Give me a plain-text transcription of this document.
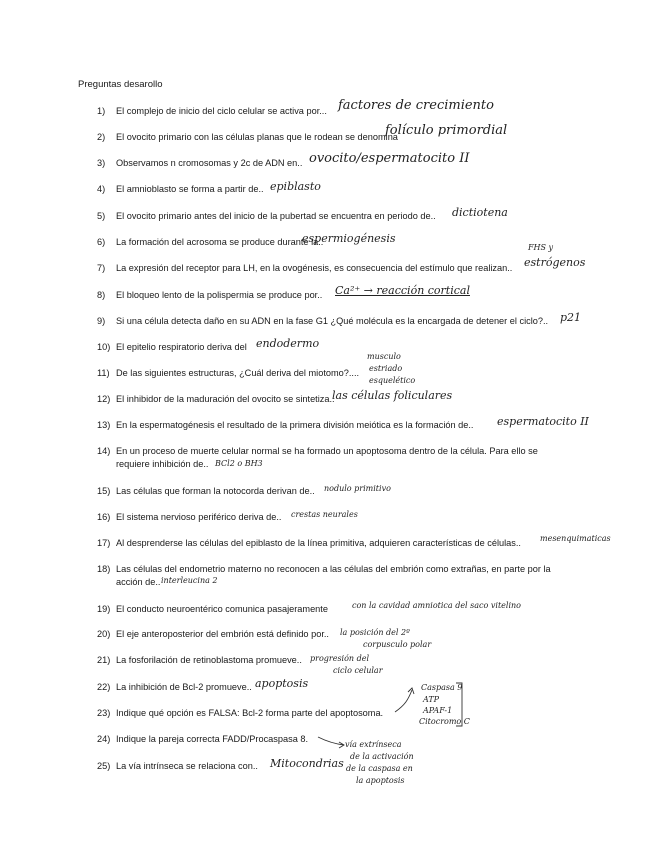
Preguntas desarollo
1) El complejo de inicio del ciclo celular se activa por... factores de crecimiento
2) El ovocito primario con las células planas que le rodean se denomina
folículo primordial
3) Observamos n cromosomas y 2c de ADN en.. ovocito/espermatocito II
4) El amnioblasto se forma a partir de.. epiblasto
5) El ovocito primario antes del inicio de la pubertad se encuentra en periodo de.. dictiotena
6) La formación del acrosoma se produce durante la..
espermiogénesis
7) La expresión del receptor para LH, en la ovogénesis, es consecuencia del estímulo que realizan..
FHS y
estrógenos
8) El bloqueo lento de la polispermia se produce por.. Ca²⁺ → reacción cortical
9) Si una célula detecta daño en su ADN en la fase G1 ¿Qué molécula es la encargada de detener el ciclo?.. p21
10) El epitelio respiratorio deriva del endodermo
11) De las siguientes estructuras, ¿Cuál deriva del miotomo?....
musculo
estriado
esquelético
12) El inhibidor de la maduración del ovocito se sintetiza..
las células foliculares
13) En la espermatogénesis el resultado de la primera división meiótica es la formación de.. espermatocito II
14) En un proceso de muerte celular normal se ha formado un apoptosoma dentro de la célula. Para ello se
requiere inhibición de.. BCl2 o BH3
15) Las células que forman la notocorda derivan de.. nodulo primitivo
16) El sistema nervioso periférico deriva de.. crestas neurales
17) Al desprenderse las células del epiblasto de la línea primitiva, adquieren características de células.. mesenquimaticas
18) Las células del endometrio materno no reconocen a las células del embrión como extrañas, en parte por la
acción de.. interleucina 2
19) El conducto neuroentérico comunica pasajeramente	con la cavidad amniotica del saco vitelino
20) El eje anteroposterior del embrión está definido por.. la posición del 2º
corpusculo polar
21) La fosforilación de retinoblastoma promueve.. progresión del
ciclo celular
22) La inhibición de Bcl-2 promueve.. apoptosis
23) Indique qué opción es FALSA: Bcl-2 forma parte del apoptosoma.
Caspasa 9
ATP
APAF-1
Citocromo C
24) Indique la pareja correcta FADD/Procaspasa 8.
vía extrínseca
de la activación
de la caspasa en
la apoptosis
25) La vía intrínseca se relaciona con.. Mitocondrias
